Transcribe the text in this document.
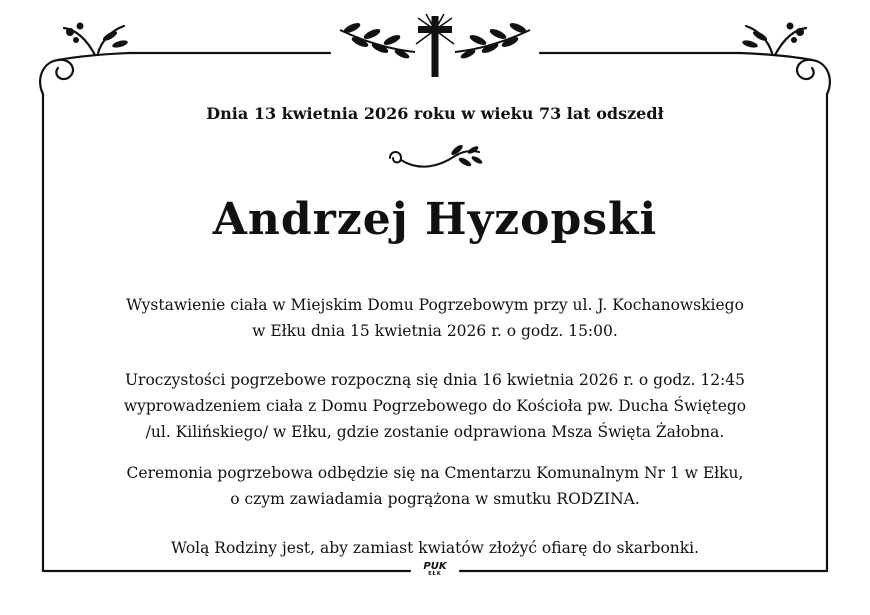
Dnia 13 kwietnia 2026 roku w wieku 73 lat odszedł
Andrzej Hyzopski
Wystawienie ciała w Miejskim Domu Pogrzebowym przy ul. J. Kochanowskiego
w Ełku dnia 15 kwietnia 2026 r. o godz. 15:00.
Uroczystości pogrzebowe rozpoczną się dnia 16 kwietnia 2026 r. o godz. 12:45
wyprowadzeniem ciała z Domu Pogrzebowego do Kościoła pw. Ducha Świętego
/ul. Kilińskiego/ w Ełku, gdzie zostanie odprawiona Msza Święta Żałobna.
Ceremonia pogrzebowa odbędzie się na Cmentarzu Komunalnym Nr 1 w Ełku,
o czym zawiadamia pogrążona w smutku RODZINA.
Wolą Rodziny jest, aby zamiast kwiatów złożyć ofiarę do skarbonki.
PUK
EŁK
